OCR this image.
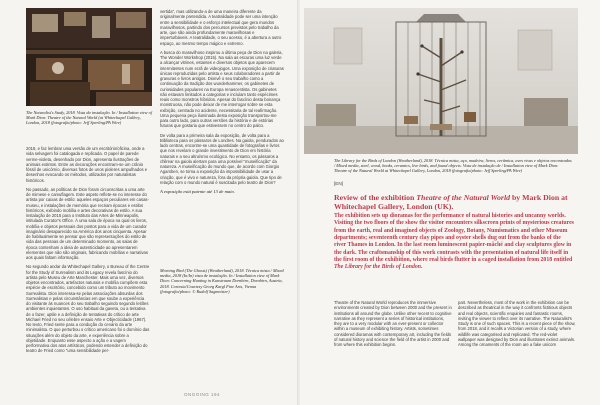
The Naturalist's Study, 2018. Vista da instalação. In / Installation view of Mark Dion: Theatre of the Natural World (at Whitechapel Gallery, London, 2018 (fotografia/photo: Jeff Sperling/PA Wire)

2018, e faz lembrar uma versão de um escritório/oficina, onde a vida selvagem foi catalogada e replicada. O papel de parede verme-violeta, desenhado por Dion, apresenta ilustrações de animais extintos. Entre as decorações encontram-se um crânio fóssil de unicórnio, diversas fotos de unos pioleres ampulhados e desenhos evocando os métodos, utilizados por naturalistas históricos.

No passado, as políticas de Dion foram circunscritas a uma arte de mimese e camuflagem. Este aspeto reflete-se no interesse do artista por caixas de estilo: aqueles espaços peculiares em casas-museu, e instalações de memória que recriam épocas e estilos históricos, exibindo mobília e artes decorativas de estilo. A sua instalação de 2015 para o Instituto das Artes de Minneapolis, intitulada Curator's Office. À uma sala de época na qual os livros, mobília e objetos pessoais dos postos para a vida de um curador imaginário desaparecido na América dos anos cinquenta. Apesar de habitualmente se pensar que são representações do estilo de vida das pessoas de um determinado momento, as salas de época contenham a ideia de autenticidade ao apresentarem elementos que não são originais, fabricando mobílias e narrativas aos quais faltam informação.

No segundo andar da Whitechapel Gallery, o Bureau of the Centre for the Study of Surrealism and its Legacy revela fascínio do artista pelo Museu de Arte Manchester. Mais uma vez, diversos objetos encontrados, artefactos naturais e mobília compõem esta espécie de escritório, concebido como um tributo ao movimento Surrealista. Dion interessa-se pelas associações absurdas dos Surrealistas e pelas circunstâncias em que soube a experiência do visitante às nuances do seu trabalho seguindo segundo leitões ambientes inquietantes. O uso habitual da gaveta, ou a tentativa de o fazer, uptile e a definição de tentativas do crítico de arte Michael Fried no seu célebre ensaio Arte e Objecticidade (1967). No texto, Fried sente para a condução do cenário da arte minimalista. O que perturbou o crítico americano foi o domínio das situações além do objeto da arte, e experiência sobre a objetidade. Enquanto esse aspecto a ação e a vagem performativa dos atos artísticos, podendo estender a definição do teatro de Fried como "uma sensibilidade per-

vertida", mas utilizando-a de uma maneira diferente da originalmente pretendida. A teatralidade pode ser uma intenção entre a sensibilidade e o esforço intelectual que gera mundos maravilhosos, partindo dos percursos previstos pelo trabalho da arte, que são ainda profundamente maravilhosas e imperturbáveis. A teatralidade, o seu acesso, é a abertura a outro espaço, ao mesmo tempo mágico e extremo.

A busca do maravilhoso inspirou a última peça de Dion na galeria, The Wonder Workshop (2015). Na sala as escuras uma luz verde a alcançar vitrines, estantes e diversos objetos que aparecem intermitentes num ecrã de videojogos. Uma exposição de criaturas únicas reproduzidas pelo artista e seus colaboradores a partir de gravuras e livros antigos. Dionvê o seu trabalho como a continuação da tradição dos wunderkammer, os gabinetes de curiosidades populares na Europa renascentista. Os gabinetes não estavam limitados a categorias e incluíam tanto espécimes reais como monstros híbridos. Apesar do fascínio desta bonança monstruosa, não pode deixar de me interrogar sobre se esta exibição, centrada no acidente, necessitaria de tal reafirmação. Uma pequena peça iluminada desta exposição transportou-me para outro lado, para outras versões da história e de estórias futuras que gostaria que estivessem no centro do palco.

De volta para a primeira sala da exposição, de volta para a Biblioteca para os pássaros de Londres. Na gaiola, pendurados ao lado centras, encontre-se uma quantidade de fotografias e livros que nos revelam o grande investimento de Dion em história naturais e a seu altruísmo ecológico. No entanto, os pássaros a chilrear na gaiola alertam para uma possível "museificação" da natureza. A museificação do mundo que, de acordo com Giorgio Agamben, se torna a exposição da impossibilidade de usar a criação, que é vivo e natureza, fora da própria gaiola. Que tipo de relação com o mundo natural é suscitada pelo teatro de Dion?

A exposição está patente até 13 de maio.

Morning Bird (The Ghosts) (Weatherland), 2018. Técnica mista / Mixed media, 2018 (In/In) vista de instalação. In / Installation view of Mark Dion: Concerning Hunting in Kunstraum Dornbirn, Dornbirn, Austria, 2018. Cortesia/Courtesy Georg Kargl Fine Arts, Vienna (fotografia/photo: © Rudolf Sagmeister)

ONGOING 194

The Library for the Birds of London (Weatherland), 2018. Técnica mista, aço, madeira, livros, cerâmica, aves vivas e objetos encontrados / Mixed media, steel, wood, books, ceramics, live birds, and found objects. Vista de instalação de / Installation view of Mark Dion: Theatre of the Natural World at Whitechapel Gallery, London, 2018 (fotografia/photo: Jeff Sperling/PA Wire)

[EN]
Review of the exhibition Theatre of the Natural World by Mark Dion at Whitechapel Gallery, London (UK).

The exhibition sets up dioramas for the performance of natural histories and uncanny worlds. Visiting the two floors of the show the visitor encounters silkscreen prints of mysterious creatures from the earth, real and imagined objects of Zoology, Botany, Numismatics and other Museum departments; seventeenth century clay pipes and oyster shells dug out from the banks of the river Thames in London. In the last room luminescent papier-mâché and clay sculptures glow in the dark. The craftsmanship of this work contrasts with the presentation of natural life itself in the first room of the exhibition, where real birds flutter in a caged installation from 2018 entitled The Library for the Birds of London.

Theatre of the Natural World reproduces the immersive environments created by Dion between 2000 and the present in institutions all around the globe. Unlike other recent to cognitive narrative as they represent a series of historical institutions, they are to a very modular with an ever-present or collector within a museum of exhibiting history. Artists, sometimes considered dioramas with contemporary art, including the fields of natural history and science the field of the artist in 2000 and from where this exhibition begins.

part. Nevertheless, most of the work in the exhibition can be described as theatrical in the way it confronts fictitious objects and real objects, scientific enquiries and fantastic rooms, inviting the viewer to reflect over its narrative. The Naturalist's Study is one of such spaces. This is a recent piece of the show, from 2018, and it recalls a Victorian version of a study, where wildlife was categorised and replicated. The red-violet wallpaper was designed by Dion and illustrates extinct animals. Among the ornaments of the room are a fake unicorn
